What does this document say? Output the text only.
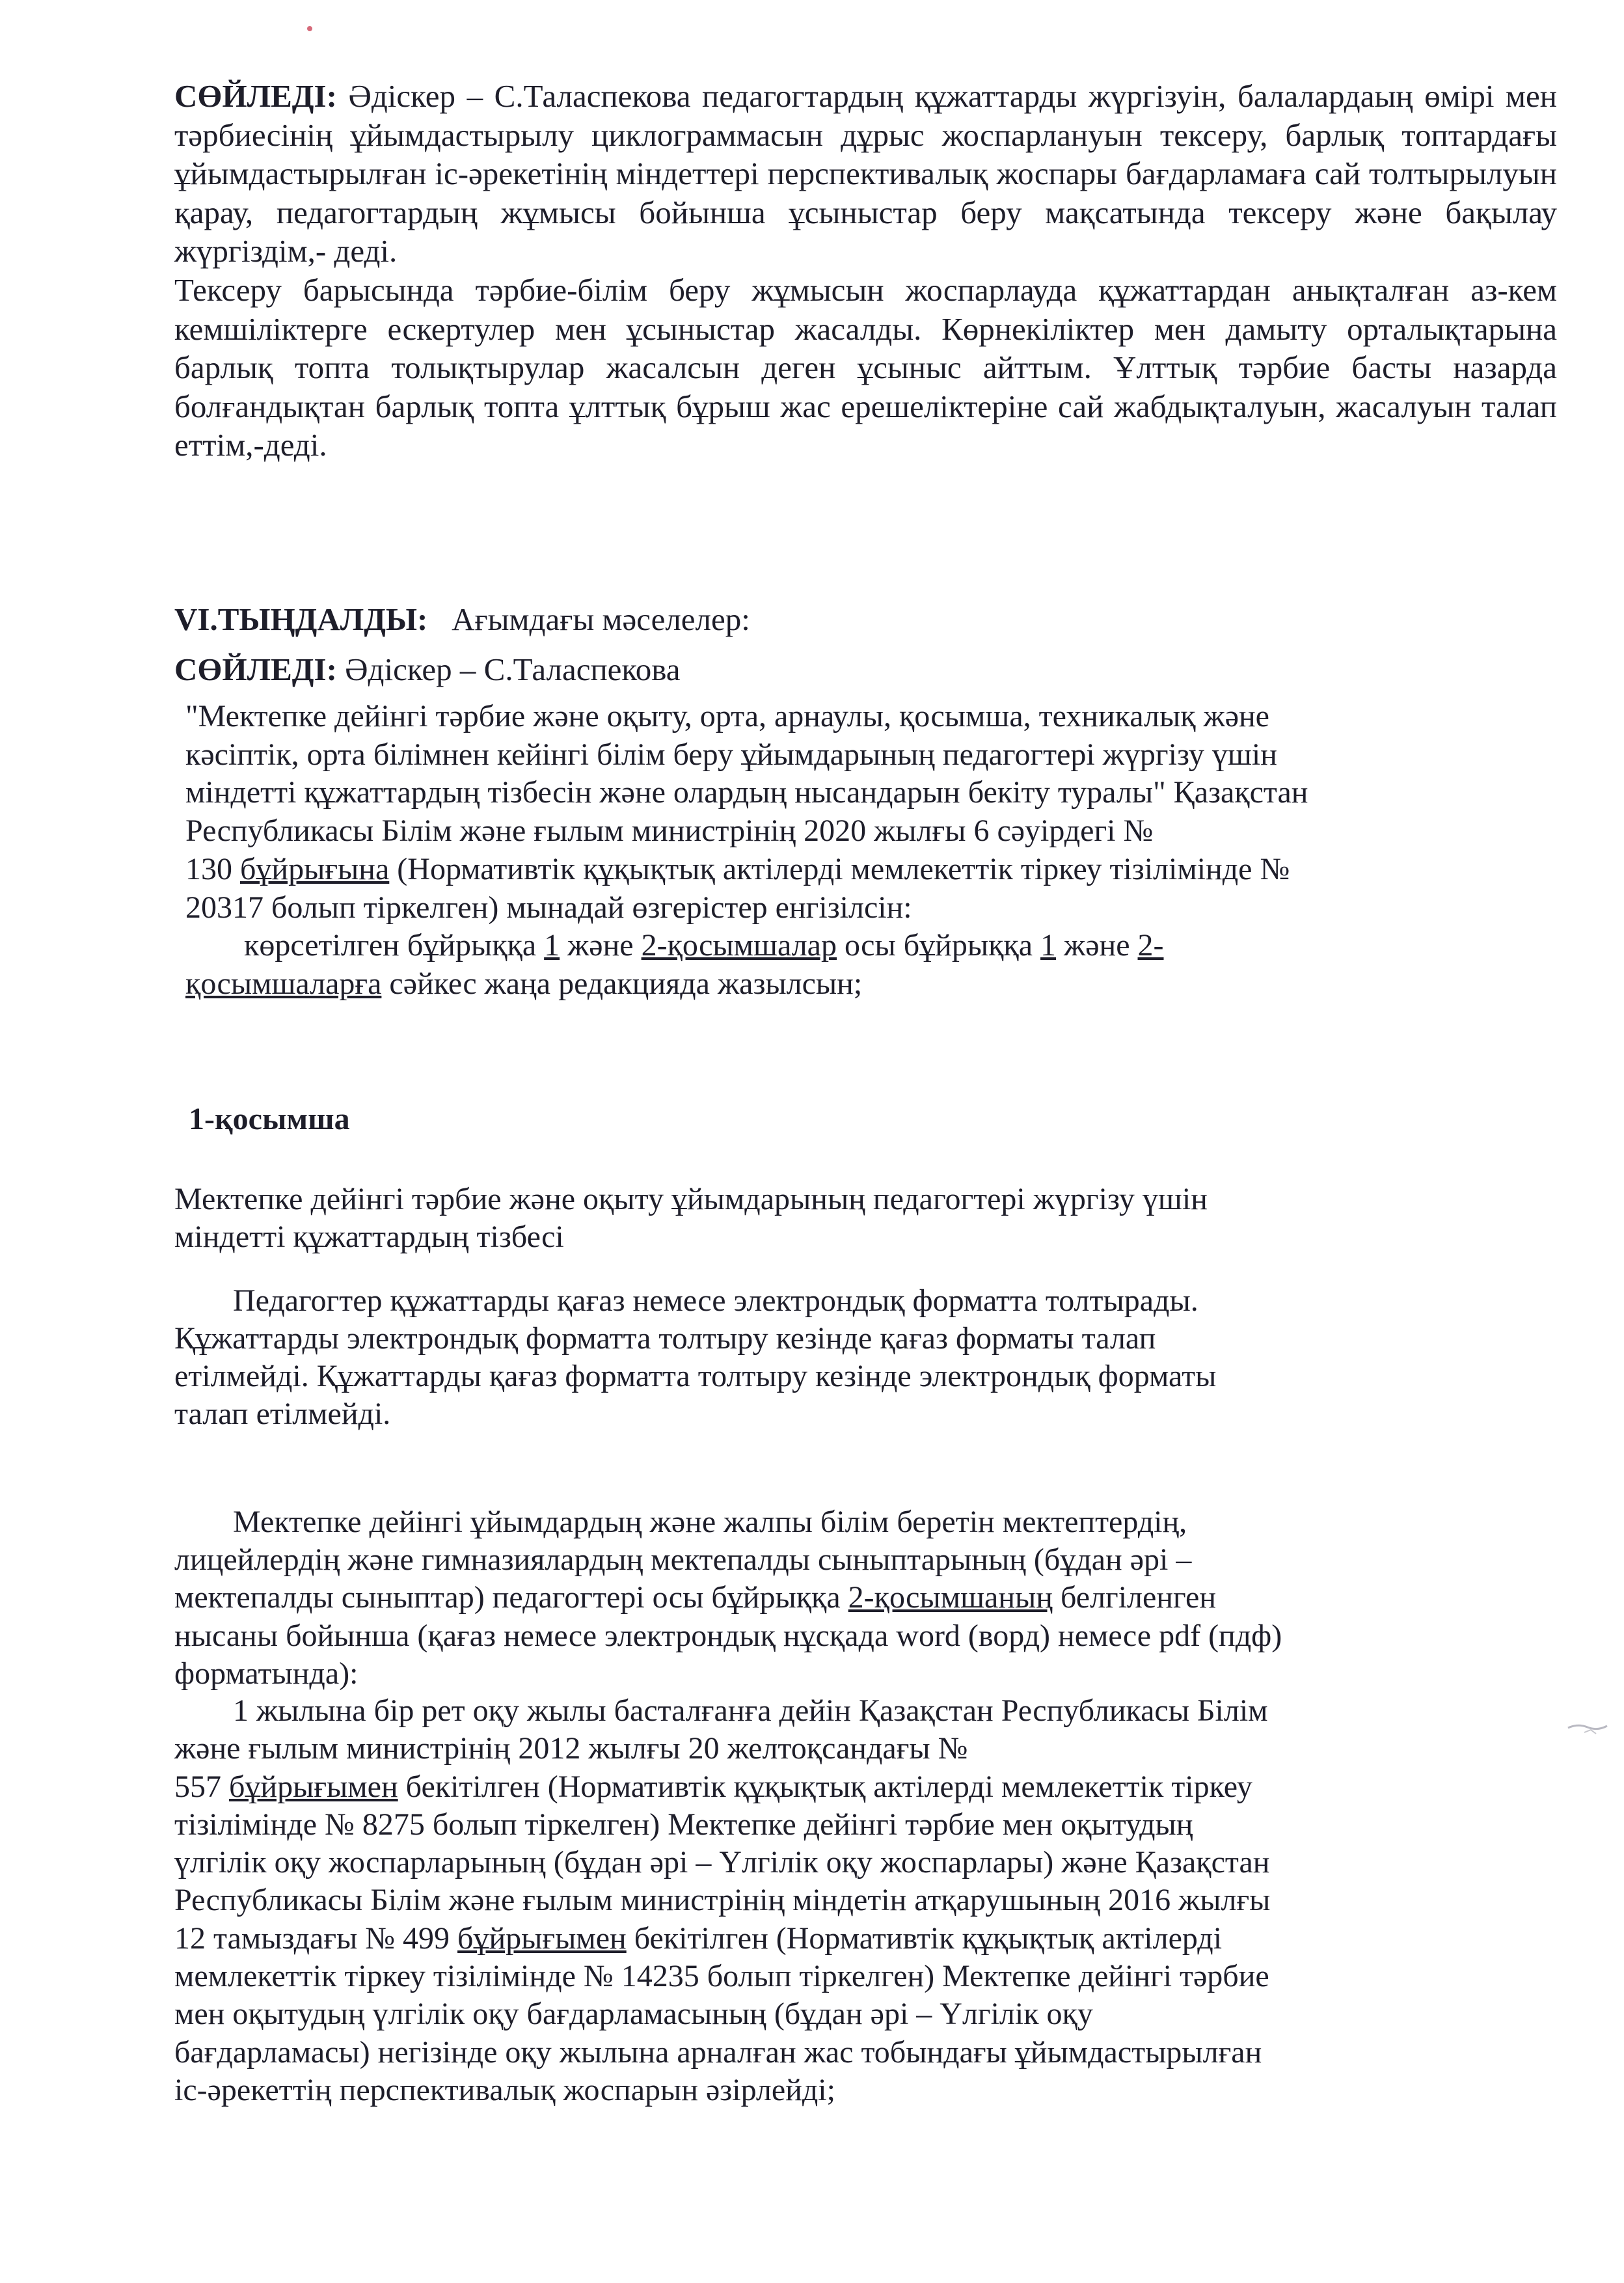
СӨЙЛЕДІ: Әдіскер – С.Таласпекова педагогтардың құжаттарды жүргізуін, балалардаың өмірі мен тәрбиесінің ұйымдастырылу циклограммасын дұрыс жоспарлануын тексеру, барлық топтардағы ұйымдастырылған іс-әрекетінің міндеттері перспективалық жоспары бағдарламаға сай толтырылуын қарау, педагогтардың жұмысы бойынша ұсыныстар беру мақсатында тексеру және бақылау жүргіздім,- деді.

Тексеру барысында тәрбие-білім беру жұмысын жоспарлауда құжаттардан анықталған аз-кем кемшіліктерге ескертулер мен ұсыныстар жасалды. Көрнекіліктер мен дамыту орталықтарына барлық топта толықтырулар жасалсын деген ұсыныс айттым. Ұлттық тәрбие басты назарда болғандықтан барлық топта ұлттық бұрыш жас ерешеліктеріне сай жабдықталуын, жасалуын талап еттім,-деді.

VI.ТЫҢДАЛДЫ:   Ағымдағы мәселелер:
СӨЙЛЕДІ: Әдіскер – С.Таласпекова

"Мектепке дейінгі тәрбие және оқыту, орта, арнаулы, қосымша, техникалық және

кәсіптік, орта білімнен кейінгі білім беру ұйымдарының педагогтері жүргізу үшін

міндетті құжаттардың тізбесін және олардың нысандарын бекіту туралы" Қазақстан

Республикасы Білім және ғылым министрінің 2020 жылғы 6 сәуірдегі №

130 бұйрығына (Нормативтік құқықтық актілерді мемлекеттік тіркеу тізілімінде №

20317 болып тіркелген) мынадай өзгерістер енгізілсін:

көрсетілген бұйрыққа 1 және 2-қосымшалар осы бұйрыққа 1 және 2-

қосымшаларға сәйкес жаңа редакцияда жазылсын;

1-қосымша

Мектепке дейінгі тәрбие және оқыту ұйымдарының педагогтері жүргізу үшін

міндетті құжаттардың тізбесі

Педагогтер құжаттарды қағаз немесе электрондық форматта толтырады.

Құжаттарды электрондық форматта толтыру кезінде қағаз форматы талап

етілмейді. Құжаттарды қағаз форматта толтыру кезінде электрондық форматы

талап етілмейді.

Мектепке дейінгі ұйымдардың және жалпы білім беретін мектептердің,

лицейлердің және гимназиялардың мектепалды сыныптарының (бұдан әрі –

мектепалды сыныптар) педагогтері осы бұйрыққа 2-қосымшаның белгіленген

нысаны бойынша (қағаз немесе электрондық нұсқада word (ворд) немесе pdf (пдф)

форматында):

1 жылына бір рет оқу жылы басталғанға дейін Қазақстан Республикасы Білім

және ғылым министрінің 2012 жылғы 20 желтоқсандағы №

557 бұйрығымен бекітілген (Нормативтік құқықтық актілерді мемлекеттік тіркеу

тізілімінде № 8275 болып тіркелген) Мектепке дейінгі тәрбие мен оқытудың

үлгілік оқу жоспарларының (бұдан әрі – Үлгілік оқу жоспарлары) және Қазақстан

Республикасы Білім және ғылым министрінің міндетін атқарушының 2016 жылғы

12 тамыздағы № 499 бұйрығымен бекітілген (Нормативтік құқықтық актілерді

мемлекеттік тіркеу тізілімінде № 14235 болып тіркелген) Мектепке дейінгі тәрбие

мен оқытудың үлгілік оқу бағдарламасының (бұдан әрі – Үлгілік оқу

бағдарламасы) негізінде оқу жылына арналған жас тобындағы ұйымдастырылған

іс-әрекеттің перспективалық жоспарын әзірлейді;
